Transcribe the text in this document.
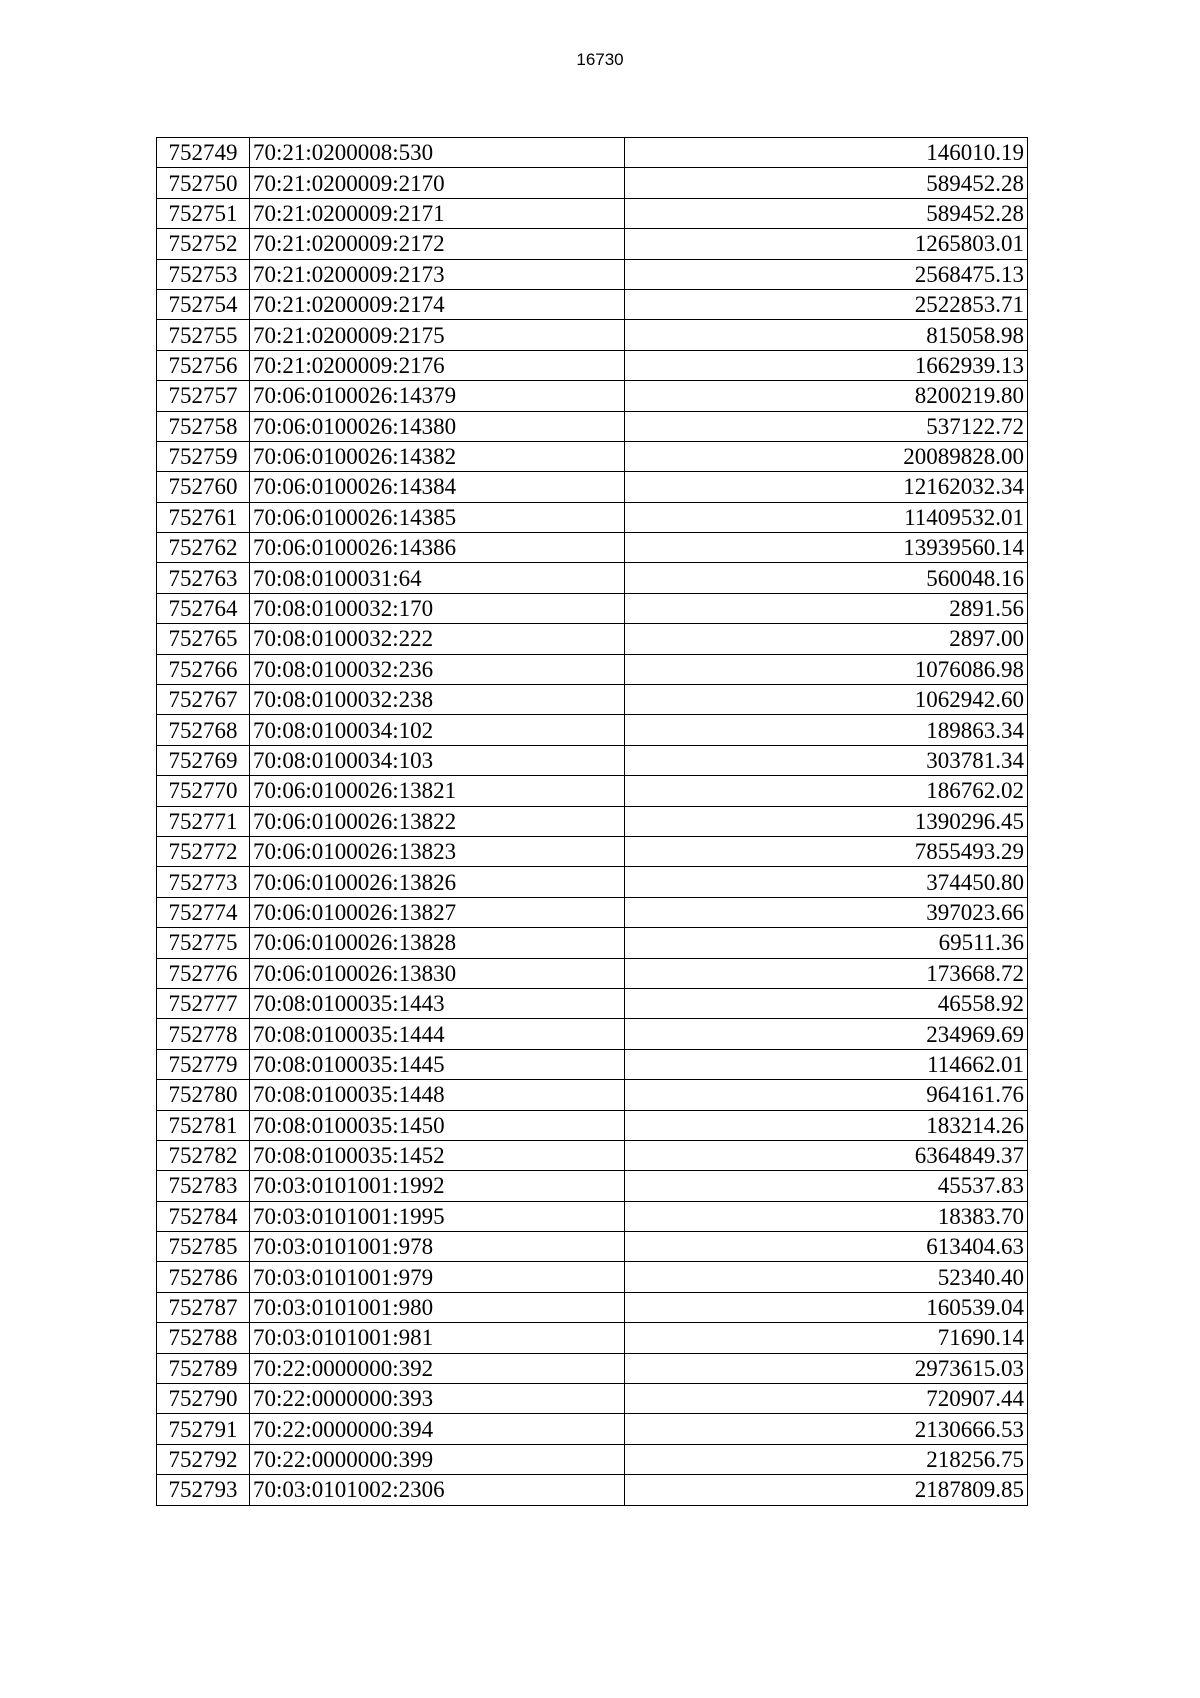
16730
752749	70:21:0200008:530	146010.19
752750	70:21:0200009:2170	589452.28
752751	70:21:0200009:2171	589452.28
752752	70:21:0200009:2172	1265803.01
752753	70:21:0200009:2173	2568475.13
752754	70:21:0200009:2174	2522853.71
752755	70:21:0200009:2175	815058.98
752756	70:21:0200009:2176	1662939.13
752757	70:06:0100026:14379	8200219.80
752758	70:06:0100026:14380	537122.72
752759	70:06:0100026:14382	20089828.00
752760	70:06:0100026:14384	12162032.34
752761	70:06:0100026:14385	11409532.01
752762	70:06:0100026:14386	13939560.14
752763	70:08:0100031:64	560048.16
752764	70:08:0100032:170	2891.56
752765	70:08:0100032:222	2897.00
752766	70:08:0100032:236	1076086.98
752767	70:08:0100032:238	1062942.60
752768	70:08:0100034:102	189863.34
752769	70:08:0100034:103	303781.34
752770	70:06:0100026:13821	186762.02
752771	70:06:0100026:13822	1390296.45
752772	70:06:0100026:13823	7855493.29
752773	70:06:0100026:13826	374450.80
752774	70:06:0100026:13827	397023.66
752775	70:06:0100026:13828	69511.36
752776	70:06:0100026:13830	173668.72
752777	70:08:0100035:1443	46558.92
752778	70:08:0100035:1444	234969.69
752779	70:08:0100035:1445	114662.01
752780	70:08:0100035:1448	964161.76
752781	70:08:0100035:1450	183214.26
752782	70:08:0100035:1452	6364849.37
752783	70:03:0101001:1992	45537.83
752784	70:03:0101001:1995	18383.70
752785	70:03:0101001:978	613404.63
752786	70:03:0101001:979	52340.40
752787	70:03:0101001:980	160539.04
752788	70:03:0101001:981	71690.14
752789	70:22:0000000:392	2973615.03
752790	70:22:0000000:393	720907.44
752791	70:22:0000000:394	2130666.53
752792	70:22:0000000:399	218256.75
752793	70:03:0101002:2306	2187809.85
